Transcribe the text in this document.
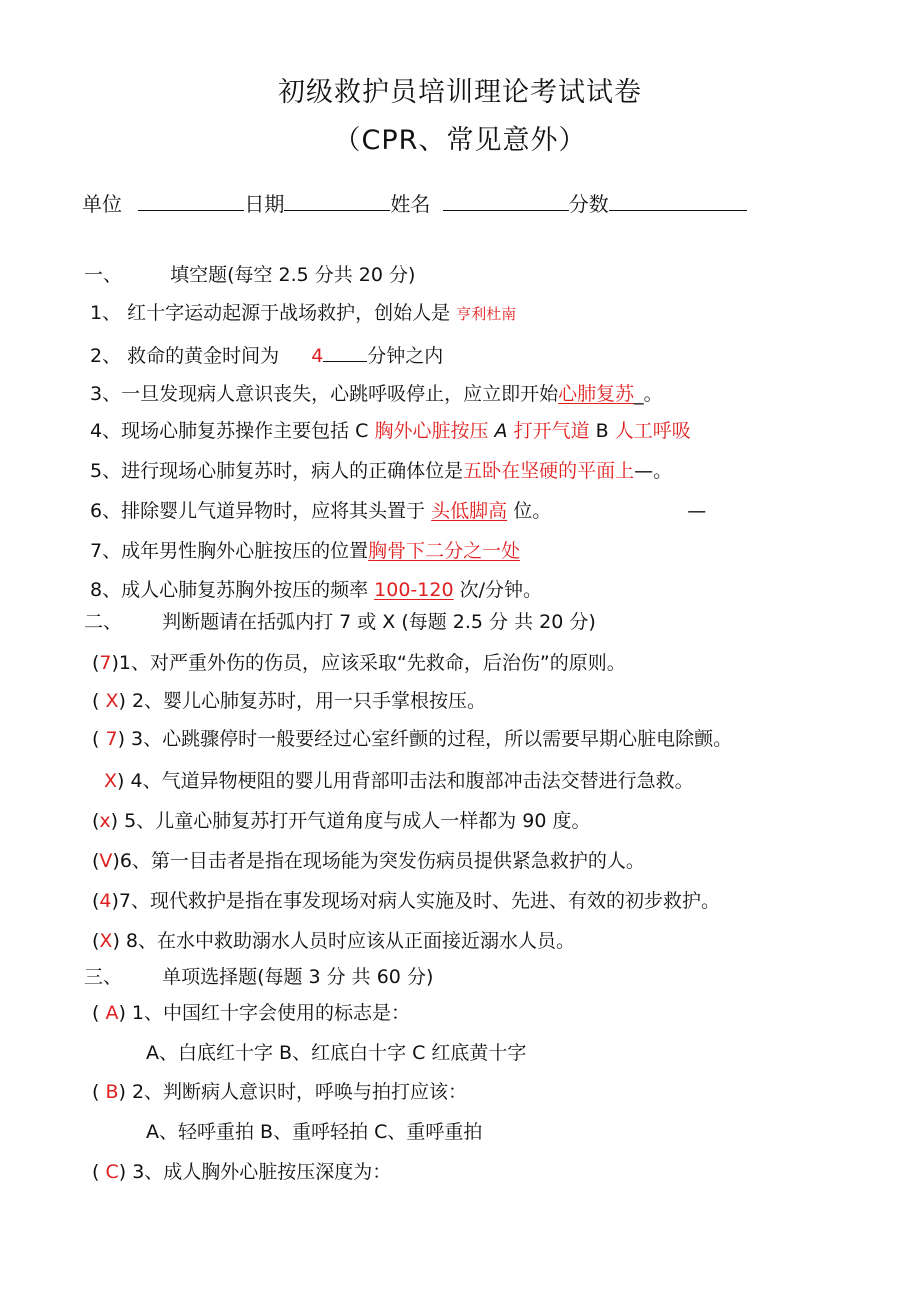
初级救护员培训理论考试试卷
（CPR、常见意外）
单位	日期	姓名	分数
一、	填空题(每空 2.5 分共 20 分)
1、 红十字运动起源于战场救护，创始人是 亨利杜南
2、 救命的黄金时间为 4 分钟之内
3、一旦发现病人意识丧失，心跳呼吸停止，应立即开始心肺复苏_。
4、现场心肺复苏操作主要包括 C 胸外心脏按压 A 打开气道 B 人工呼吸
5、进行现场心肺复苏时，病人的正确体位是五卧在坚硬的平面上—。
6、排除婴儿气道异物时，应将其头置于 头低脚高 位。	—
7、成年男性胸外心脏按压的位置胸骨下二分之一处
8、成人心肺复苏胸外按压的频率 100-120 次/分钟。
二、 判断题请在括弧内打 7 或 X (每题 2.5 分 共 20 分)
(7)1、对严重外伤的伤员，应该采取“先救命，后治伤”的原则。
( X) 2、婴儿心肺复苏时，用一只手掌根按压。
( 7) 3、心跳骤停时一般要经过心室纤颤的过程，所以需要早期心脏电除颤。
X) 4、气道异物梗阻的婴儿用背部叩击法和腹部冲击法交替进行急救。
(x) 5、儿童心肺复苏打开气道角度与成人一样都为 90 度。
(V)6、第一目击者是指在现场能为突发伤病员提供紧急救护的人。
(4)7、现代救护是指在事发现场对病人实施及时、先进、有效的初步救护。
(X) 8、在水中救助溺水人员时应该从正面接近溺水人员。
三、 单项选择题(每题 3 分 共 60 分)
( A) 1、中国红十字会使用的标志是：
A、白底红十字 B、红底白十字 C 红底黄十字
( B) 2、判断病人意识时，呼唤与拍打应该：
A、轻呼重拍 B、重呼轻拍 C、重呼重拍
( C) 3、成人胸外心脏按压深度为：
